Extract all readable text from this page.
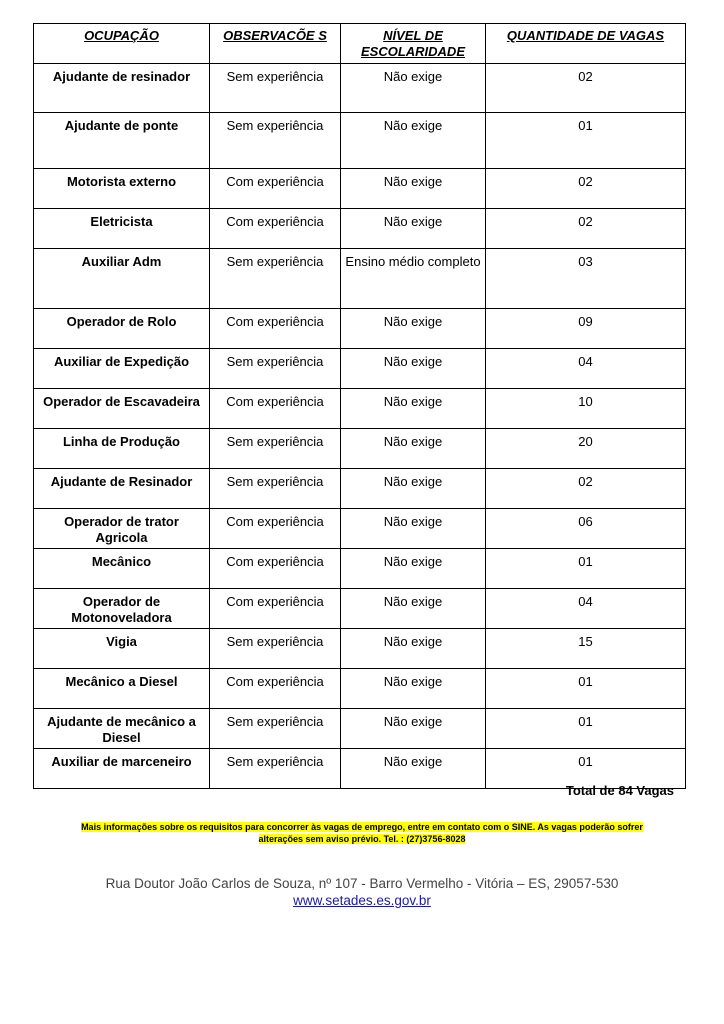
OCUPAÇÃO	OBSERVACÕE S	NÍVEL DE ESCOLARIDADE	QUANTIDADE DE VAGAS
Ajudante de resinador	Sem experiência	Não exige	02
Ajudante de ponte	Sem experiência	Não exige	01
Motorista externo	Com experiência	Não exige	02
Eletricista	Com experiência	Não exige	02
Auxiliar Adm	Sem experiência	Ensino médio completo	03
Operador de Rolo	Com experiência	Não exige	09
Auxiliar de Expedição	Sem experiência	Não exige	04
Operador de Escavadeira	Com experiência	Não exige	10
Linha de Produção	Sem experiência	Não exige	20
Ajudante de Resinador	Sem experiência	Não exige	02
Operador de trator Agricola	Com experiência	Não exige	06
Mecânico	Com experiência	Não exige	01
Operador de Motonoveladora	Com experiência	Não exige	04
Vigia	Sem experiência	Não exige	15
Mecânico a Diesel	Com experiência	Não exige	01
Ajudante de mecânico a Diesel	Sem experiência	Não exige	01
Auxiliar de marceneiro	Sem experiência	Não exige	01
Total de 84 Vagas
Mais informações sobre os requisitos para concorrer às vagas de emprego, entre em contato com o SINE. As vagas poderão sofrer
alterações sem aviso prévio. Tel. : (27)3756-8028
Rua Doutor João Carlos de Souza, nº 107 - Barro Vermelho - Vitória – ES, 29057-530
www.setades.es.gov.br
